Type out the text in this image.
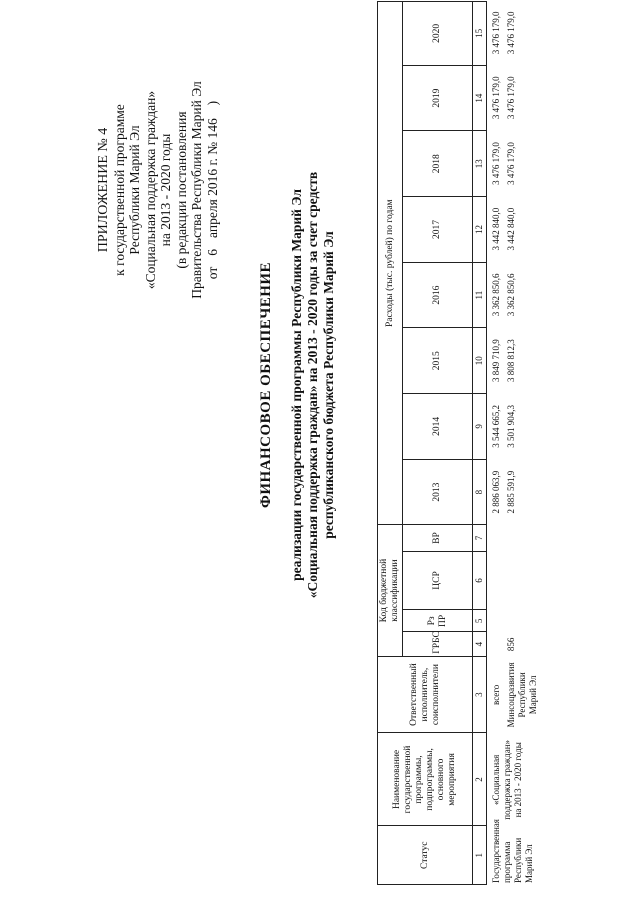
ПРИЛОЖЕНИЕ № 4 к государственной программе Республики Марий Эл «Социальная поддержка граждан» на 2013 - 2020 годы (в редакции постановления Правительства Республики Марий Эл от 6 апреля 2016 г. № 146 )
ФИНАНСОВОЕ ОБЕСПЕЧЕНИЕ реализации государственной программы Республики Марий Эл «Социальная поддержка граждан» на 2013 - 2020 годы за счет средств республиканского бюджета Республики Марий Эл
Статус	Наименование государственной программы, подпрограммы, основного мероприятия	Ответственный исполнитель, соисполнители	Код бюджетной классификации				Расходы (тыс. рублей) по годам							
			ГРБС	Рз ПР	ЦСР	ВР	2013	2014	2015	2016	2017	2018	2019	2020
1	2	3	4	5	6	7	8	9	10	11	12	13	14	15
Государственная программа Республики Марий Эл	«Социальная поддержка граждан» на 2013 - 2020 годы	всего					2 886 063,9	3 544 665,2	3 849 710,9	3 362 850,6	3 442 840,0	3 476 179,0	3 476 179,0	3 476 179,0
		Минсоцразвития Республики Марий Эл	856				2 885 591,9	3 501 904,3	3 808 812,3	3 362 850,6	3 442 840,0	3 476 179,0	3 476 179,0	3 476 179,0
